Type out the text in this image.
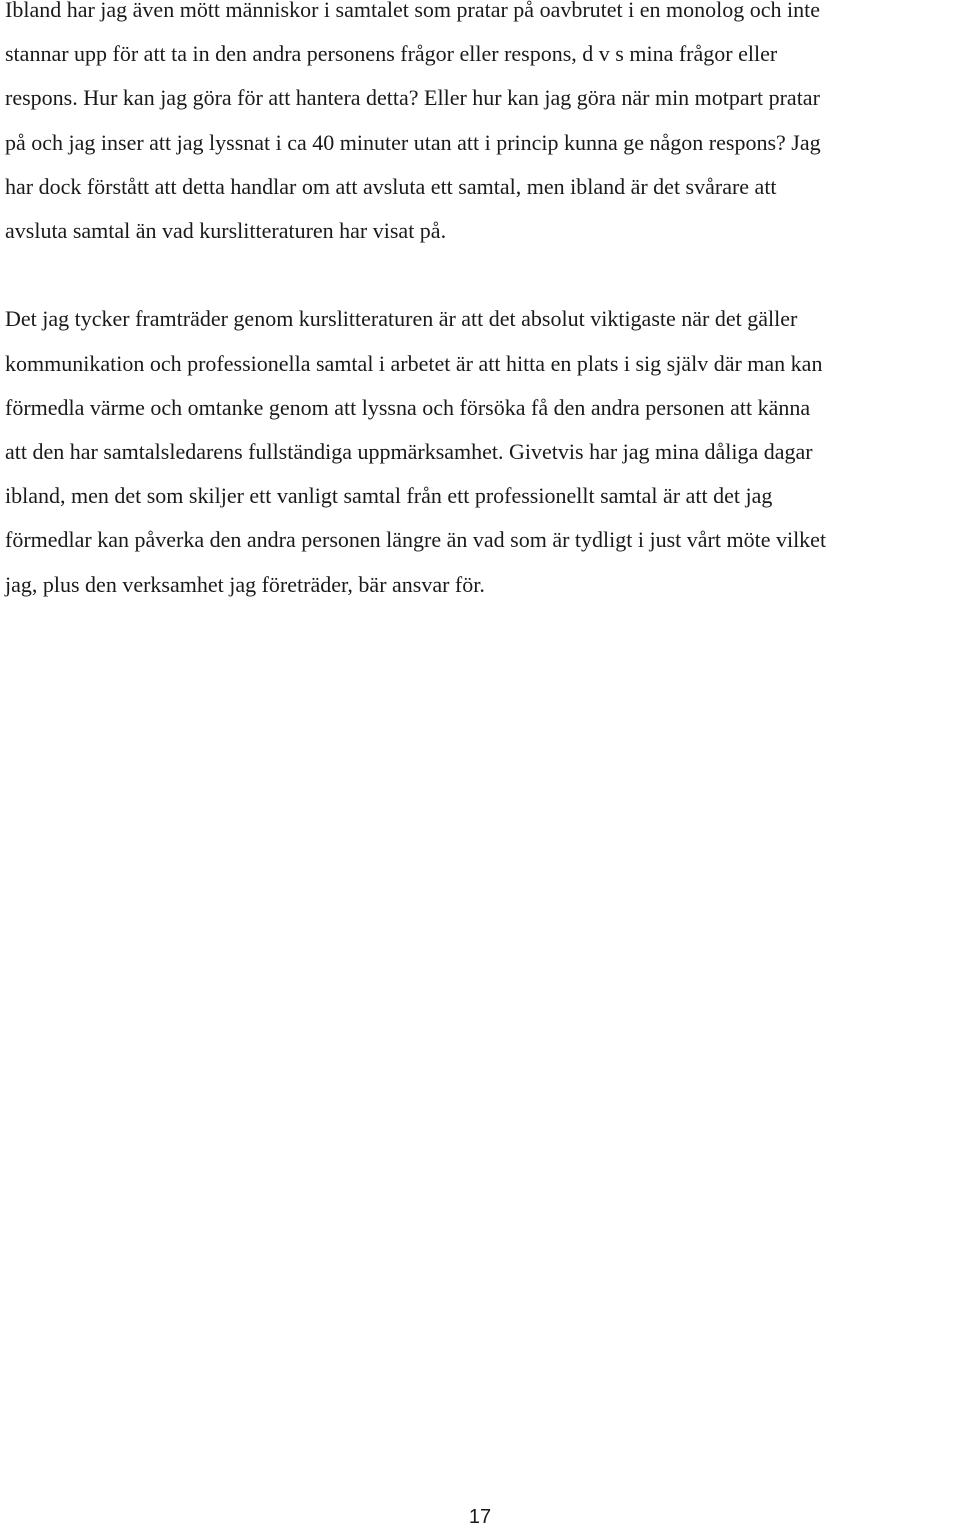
Ibland har jag även mött människor i samtalet som pratar på oavbrutet i en monolog och inte
stannar upp för att ta in den andra personens frågor eller respons, d v s mina frågor eller
respons. Hur kan jag göra för att hantera detta? Eller hur kan jag göra när min motpart pratar
på och jag inser att jag lyssnat i ca 40 minuter utan att i princip kunna ge någon respons? Jag
har dock förstått att detta handlar om att avsluta ett samtal, men ibland är det svårare att
avsluta samtal än vad kurslitteraturen har visat på.

Det jag tycker framträder genom kurslitteraturen är att det absolut viktigaste när det gäller
kommunikation och professionella samtal i arbetet är att hitta en plats i sig själv där man kan
förmedla värme och omtanke genom att lyssna och försöka få den andra personen att känna
att den har samtalsledarens fullständiga uppmärksamhet. Givetvis har jag mina dåliga dagar
ibland, men det som skiljer ett vanligt samtal från ett professionellt samtal är att det jag
förmedlar kan påverka den andra personen längre än vad som är tydligt i just vårt möte vilket
jag, plus den verksamhet jag företräder, bär ansvar för.

17
